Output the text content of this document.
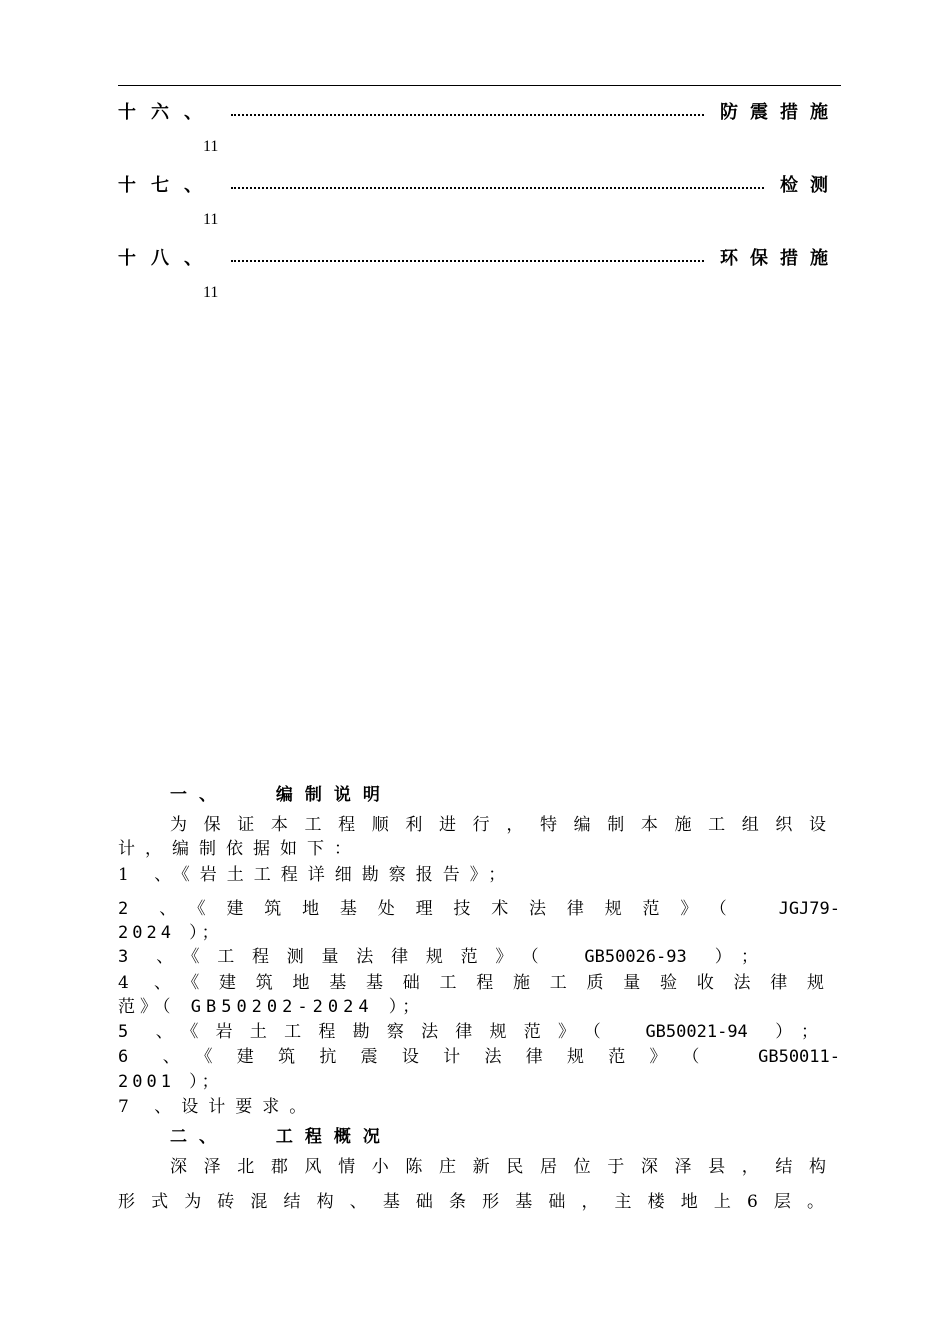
十六、	防震措施
11
十七、	检测
11
十八、	环保措施
11
一、	编制说明
为保证本工程顺利进行，特编制本施工组织设
计，编制依据如下：
1 、《岩土工程详细勘察报告》；
2 、《建筑地基处理技术法律规范》（ JGJ79-
2024 ）；
3 、《工程测量法律规范》（ GB50026-93 ）；
4 、《建筑地基基础工程施工质量验收法律规
范》（ GB50202-2024 ）；
5 、《岩土工程勘察法律规范》（ GB50021-94 ）；
6 、《建筑抗震设计法律规范》（ GB50011-
2001 ）；
7 、设计要求。
二、	工程概况
深泽北郡风情小陈庄新民居位于深泽县，结构
形式为砖混结构、基础条形基础，主楼地上6层。
